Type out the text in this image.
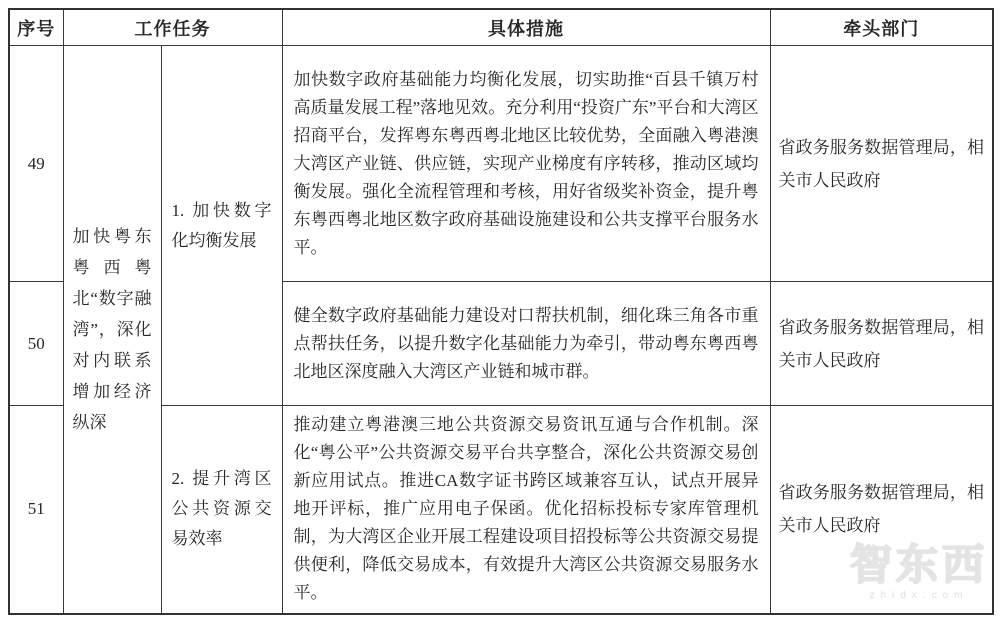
序号	工作任务		具体措施	牵头部门
49	加快粤东粤西粤北“数字融湾”，深化对内联系增加经济纵深	1. 加快数字化均衡发展	加快数字政府基础能力均衡化发展，切实助推“百县千镇万村高质量发展工程”落地见效。充分利用“投资广东”平台和大湾区招商平台，发挥粤东粤西粤北地区比较优势，全面融入粤港澳大湾区产业链、供应链，实现产业梯度有序转移，推动区域均衡发展。强化全流程管理和考核，用好省级奖补资金，提升粤东粤西粤北地区数字政府基础设施建设和公共支撑平台服务水平。	省政务服务数据管理局，相关市人民政府
50			健全数字政府基础能力建设对口帮扶机制，细化珠三角各市重点帮扶任务，以提升数字化基础能力为牵引，带动粤东粤西粤北地区深度融入大湾区产业链和城市群。	省政务服务数据管理局，相关市人民政府
51		2. 提升湾区公共资源交易效率	推动建立粤港澳三地公共资源交易资讯互通与合作机制。深化“粤公平”公共资源交易平台共享整合，深化公共资源交易创新应用试点。推进CA数字证书跨区域兼容互认，试点开展异地开评标，推广应用电子保函。优化招标投标专家库管理机制，为大湾区企业开展工程建设项目招投标等公共资源交易提供便利，降低交易成本，有效提升大湾区公共资源交易服务水平。	省政务服务数据管理局，相关市人民政府
智东西
zhidx.com
